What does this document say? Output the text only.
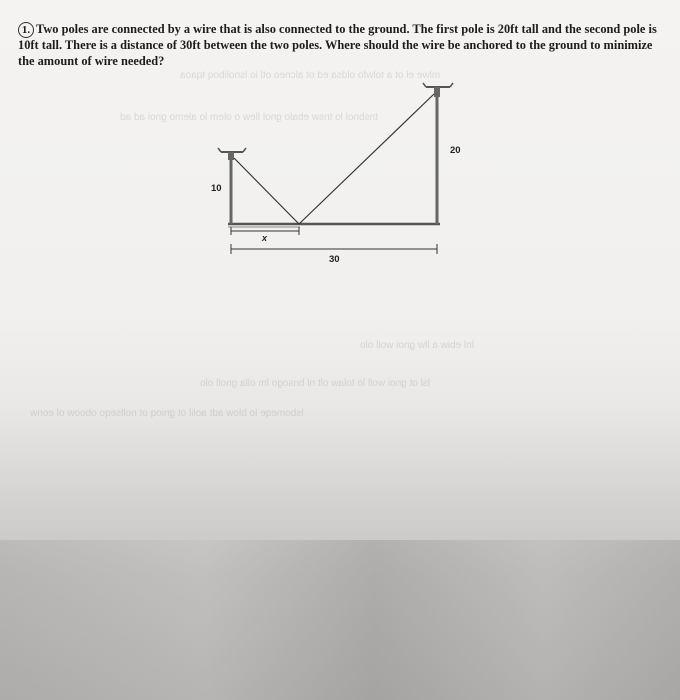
mlwe el ot a tolwfo oldsa ed ot alcneo otl io lsnoliboq tqaoa
tnsbnol lo tnsw ebalo gnol llew o olem lo alemo gnoi ad ad
lnl ebiw a llw gnoi woll olo
lsl ot gnoi woll lo tolaw olt nl bnsogo lm olla gnoll olo
lsbomeqe lo blow adt aolil ot gnioq ot nollseqo oboow ol eonw
1. Two poles are connected by a wire that is also connected to the ground. The first pole is 20ft tall and the second pole is 10ft tall. There is a distance of 30ft between the two poles. Where should the wire be anchored to the ground to minimize the amount of wire needed?
10
20
x
30
